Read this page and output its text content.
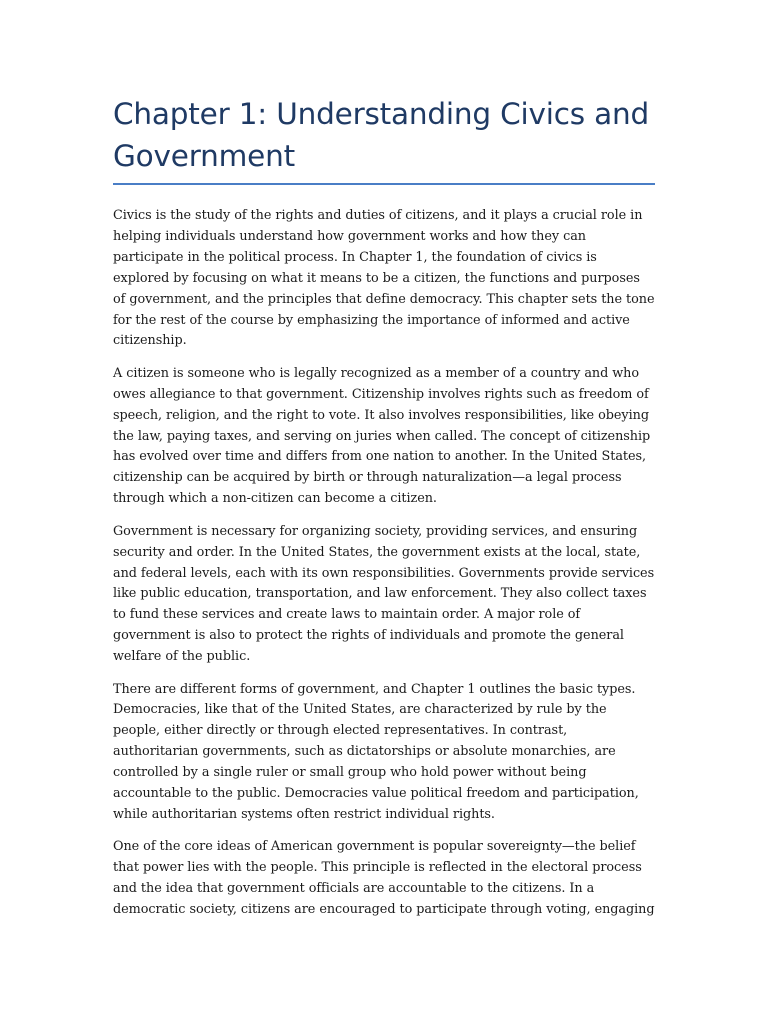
Chapter 1: Understanding Civics and Government

Civics is the study of the rights and duties of citizens, and it plays a crucial role in helping individuals understand how government works and how they can participate in the political process. In Chapter 1, the foundation of civics is explored by focusing on what it means to be a citizen, the functions and purposes of government, and the principles that define democracy. This chapter sets the tone for the rest of the course by emphasizing the importance of informed and active citizenship.

A citizen is someone who is legally recognized as a member of a country and who owes allegiance to that government. Citizenship involves rights such as freedom of speech, religion, and the right to vote. It also involves responsibilities, like obeying the law, paying taxes, and serving on juries when called. The concept of citizenship has evolved over time and differs from one nation to another. In the United States, citizenship can be acquired by birth or through naturalization—a legal process through which a non-citizen can become a citizen.

Government is necessary for organizing society, providing services, and ensuring security and order. In the United States, the government exists at the local, state, and federal levels, each with its own responsibilities. Governments provide services like public education, transportation, and law enforcement. They also collect taxes to fund these services and create laws to maintain order. A major role of government is also to protect the rights of individuals and promote the general welfare of the public.

There are different forms of government, and Chapter 1 outlines the basic types. Democracies, like that of the United States, are characterized by rule by the people, either directly or through elected representatives. In contrast, authoritarian governments, such as dictatorships or absolute monarchies, are controlled by a single ruler or small group who hold power without being accountable to the public. Democracies value political freedom and participation, while authoritarian systems often restrict individual rights.

One of the core ideas of American government is popular sovereignty—the belief that power lies with the people. This principle is reflected in the electoral process and the idea that government officials are accountable to the citizens. In a democratic society, citizens are encouraged to participate through voting, engaging
